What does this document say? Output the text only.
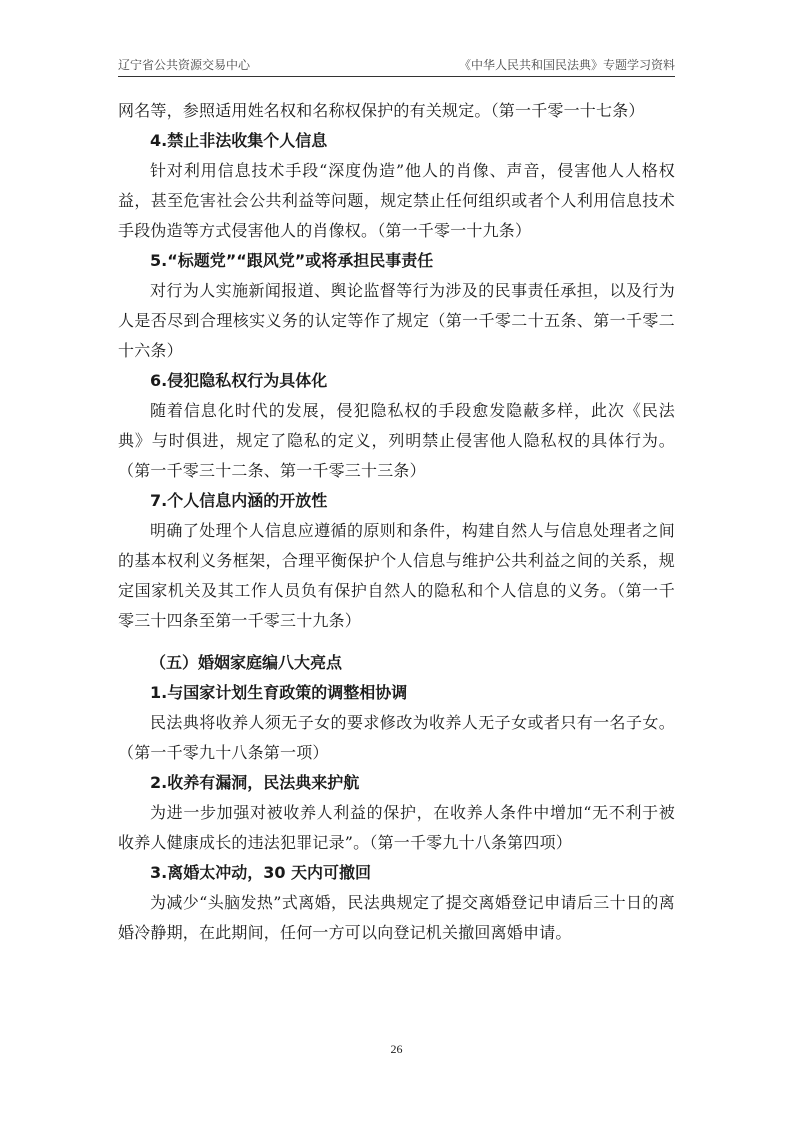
辽宁省公共资源交易中心	《中华人民共和国民法典》专题学习资料

网名等，参照适用姓名权和名称权保护的有关规定。（第一千零一十七条）

4.禁止非法收集个人信息

针对利用信息技术手段“深度伪造”他人的肖像、声音，侵害他人人格权益，甚至危害社会公共利益等问题，规定禁止任何组织或者个人利用信息技术手段伪造等方式侵害他人的肖像权。（第一千零一十九条）

5.“标题党”“跟风党”或将承担民事责任

对行为人实施新闻报道、舆论监督等行为涉及的民事责任承担，以及行为人是否尽到合理核实义务的认定等作了规定（第一千零二十五条、第一千零二十六条）

6.侵犯隐私权行为具体化

随着信息化时代的发展，侵犯隐私权的手段愈发隐蔽多样，此次《民法典》与时俱进，规定了隐私的定义，列明禁止侵害他人隐私权的具体行为。（第一千零三十二条、第一千零三十三条）

7.个人信息内涵的开放性

明确了处理个人信息应遵循的原则和条件，构建自然人与信息处理者之间的基本权利义务框架，合理平衡保护个人信息与维护公共利益之间的关系，规定国家机关及其工作人员负有保护自然人的隐私和个人信息的义务。（第一千零三十四条至第一千零三十九条）

（五）婚姻家庭编八大亮点

1.与国家计划生育政策的调整相协调

民法典将收养人须无子女的要求修改为收养人无子女或者只有一名子女。（第一千零九十八条第一项）

2.收养有漏洞，民法典来护航

为进一步加强对被收养人利益的保护，在收养人条件中增加“无不利于被收养人健康成长的违法犯罪记录”。（第一千零九十八条第四项）

3.离婚太冲动，30 天内可撤回

为减少“头脑发热”式离婚，民法典规定了提交离婚登记申请后三十日的离婚冷静期，在此期间，任何一方可以向登记机关撤回离婚申请。

26
